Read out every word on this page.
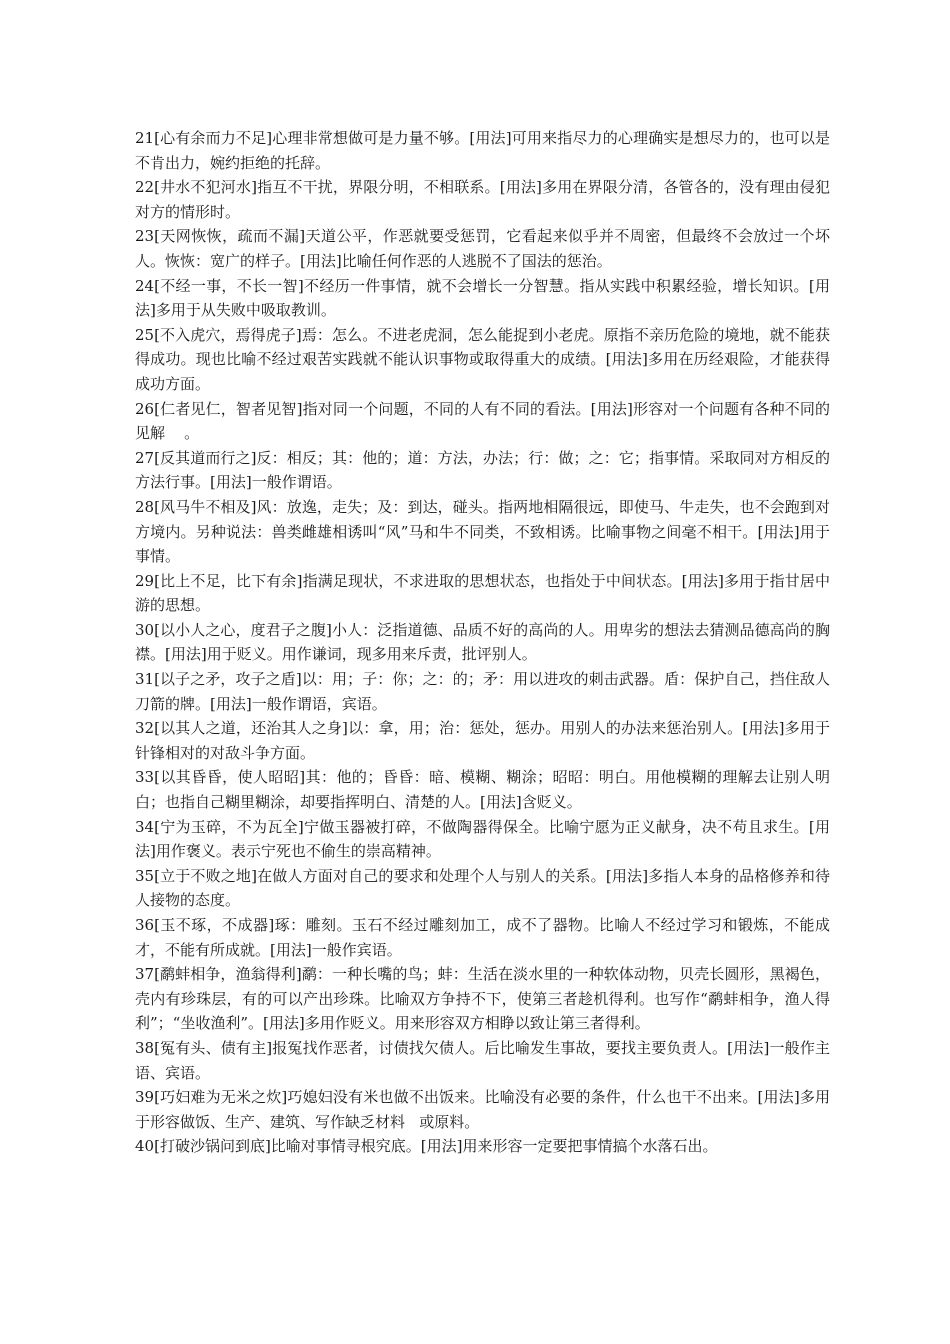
21[心有余而力不足]心理非常想做可是力量不够。[用法]可用来指尽力的心理确实是想尽力的，也可以是不肯出力，婉约拒绝的托辞。

22[井水不犯河水]指互不干扰，界限分明，不相联系。[用法]多用在界限分清，各管各的，没有理由侵犯对方的情形时。

23[天网恢恢，疏而不漏]天道公平，作恶就要受惩罚，它看起来似乎并不周密，但最终不会放过一个坏人。恢恢：宽广的样子。[用法]比喻任何作恶的人逃脱不了国法的惩治。

24[不经一事，不长一智]不经历一件事情，就不会增长一分智慧。指从实践中积累经验，增长知识。[用法]多用于从失败中吸取教训。

25[不入虎穴，焉得虎子]焉：怎么。不进老虎洞，怎么能捉到小老虎。原指不亲历危险的境地，就不能获得成功。现也比喻不经过艰苦实践就不能认识事物或取得重大的成绩。[用法]多用在历经艰险，才能获得成功方面。

26[仁者见仁，智者见智]指对同一个问题，不同的人有不同的看法。[用法]形容对一个问题有各种不同的见解    。

27[反其道而行之]反：相反；其：他的；道：方法，办法；行：做；之：它；指事情。采取同对方相反的方法行事。[用法]一般作谓语。

28[风马牛不相及]风：放逸，走失；及：到达，碰头。指两地相隔很远，即使马、牛走失，也不会跑到对方境内。另种说法：兽类雌雄相诱叫“风”马和牛不同类，不致相诱。比喻事物之间毫不相干。[用法]用于事情。

29[比上不足，比下有余]指满足现状，不求进取的思想状态，也指处于中间状态。[用法]多用于指甘居中游的思想。

30[以小人之心，度君子之腹]小人：泛指道德、品质不好的高尚的人。用卑劣的想法去猜测品德高尚的胸襟。[用法]用于贬义。用作谦词，现多用来斥责，批评别人。

31[以子之矛，攻子之盾]以：用；子：你；之：的；矛：用以进攻的刺击武器。盾：保护自己，挡住敌人刀箭的牌。[用法]一般作谓语，宾语。

32[以其人之道，还治其人之身]以：拿，用；治：惩处，惩办。用别人的办法来惩治别人。[用法]多用于针锋相对的对敌斗争方面。

33[以其昏昏，使人昭昭]其：他的；昏昏：暗、模糊、糊涂；昭昭：明白。用他模糊的理解去让别人明白；也指自己糊里糊涂，却要指挥明白、清楚的人。[用法]含贬义。

34[宁为玉碎，不为瓦全]宁做玉器被打碎，不做陶器得保全。比喻宁愿为正义献身，决不苟且求生。[用法]用作褒义。表示宁死也不偷生的崇高精神。

35[立于不败之地]在做人方面对自己的要求和处理个人与别人的关系。[用法]多指人本身的品格修养和待人接物的态度。

36[玉不琢，不成器]琢：雕刻。玉石不经过雕刻加工，成不了器物。比喻人不经过学习和锻炼，不能成才，不能有所成就。[用法]一般作宾语。

37[鹬蚌相争，渔翁得利]鹬：一种长嘴的鸟；蚌：生活在淡水里的一种软体动物，贝壳长圆形，黑褐色，壳内有珍珠层，有的可以产出珍珠。比喻双方争持不下，使第三者趁机得利。也写作“鹬蚌相争，渔人得利”；“坐收渔利”。[用法]多用作贬义。用来形容双方相睁以致让第三者得利。

38[冤有头、债有主]报冤找作恶者，讨债找欠债人。后比喻发生事故，要找主要负责人。[用法]一般作主语、宾语。

39[巧妇难为无米之炊]巧媳妇没有米也做不出饭来。比喻没有必要的条件，什么也干不出来。[用法]多用于形容做饭、生产、建筑、写作缺乏材料   或原料。

40[打破沙锅问到底]比喻对事情寻根究底。[用法]用来形容一定要把事情搞个水落石出。
